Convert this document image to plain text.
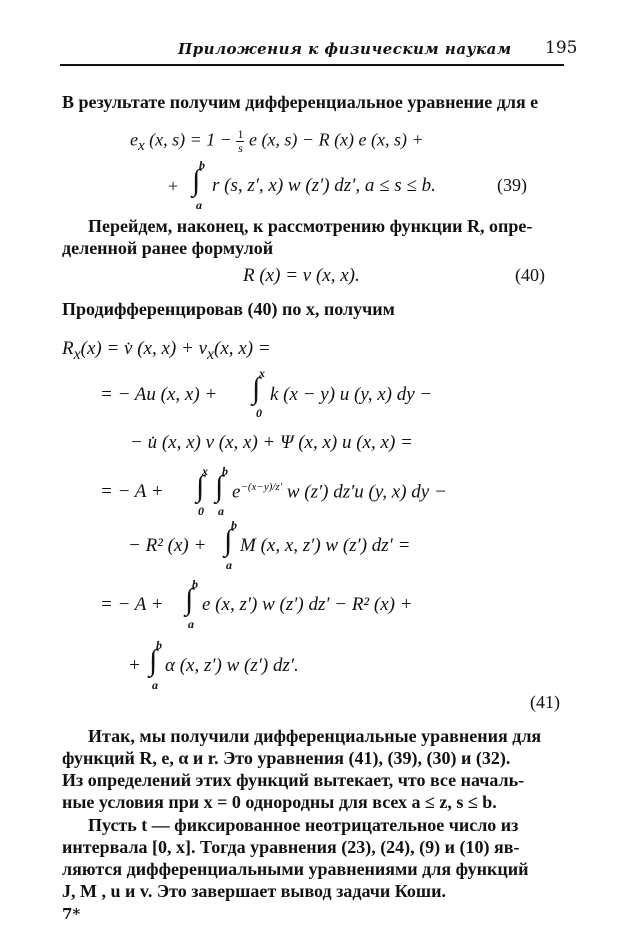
Приложения к физическим наукам 195
В результате получим дифференциальное уравнение для e
$e_x$ (x, $s) = 1 - \frac{1}{s}$ e (x, s) − R (x) e (x, s) +
+
b
∫
a
r (s, z′, x) w (z′) dz′, a ≤ s ≤ b.	(39)
Перейдем, наконец, к рассмотрению функции R, опре-
деленной ранее формулой
R (x) = v (x, x).	(40)
Продифференцировав (40) по x, получим
$R_x(x)$ = v̇ (x, $x) + v_x(x$, x) =
= − Au (x, x) +
x
∫
0
k (x − y) u (y, x) dy −
− u̇ (x, x) v (x, x) + Ψ (x, x) u (x, x) =
= − A +
x
∫
0
b
∫
a
$e^{-(x-y)/z'}$ w (z′) dz′u (y, x) dy −
− R² (x) +
b
∫
a
M (x, x, z′) w (z′) dz′ =
= − A +
b
∫
a
e (x, z′) w (z′) dz′ − R² (x) +
+
b
∫
a
α (x, z′) w (z′) dz′.
(41)
Итак, мы получили дифференциальные уравнения для
функций R, e, α и r. Это уравнения (41), (39), (30) и (32).
Из определений этих функций вытекает, что все началь-
ные условия при x = 0 однородны для всех a ≤ z, s ≤ b.
Пусть t — фиксированное неотрицательное число из
интервала [0, x]. Тогда уравнения (23), (24), (9) и (10) яв-
ляются дифференциальными уравнениями для функций
J, M , u и v. Это завершает вывод задачи Коши.
7*
